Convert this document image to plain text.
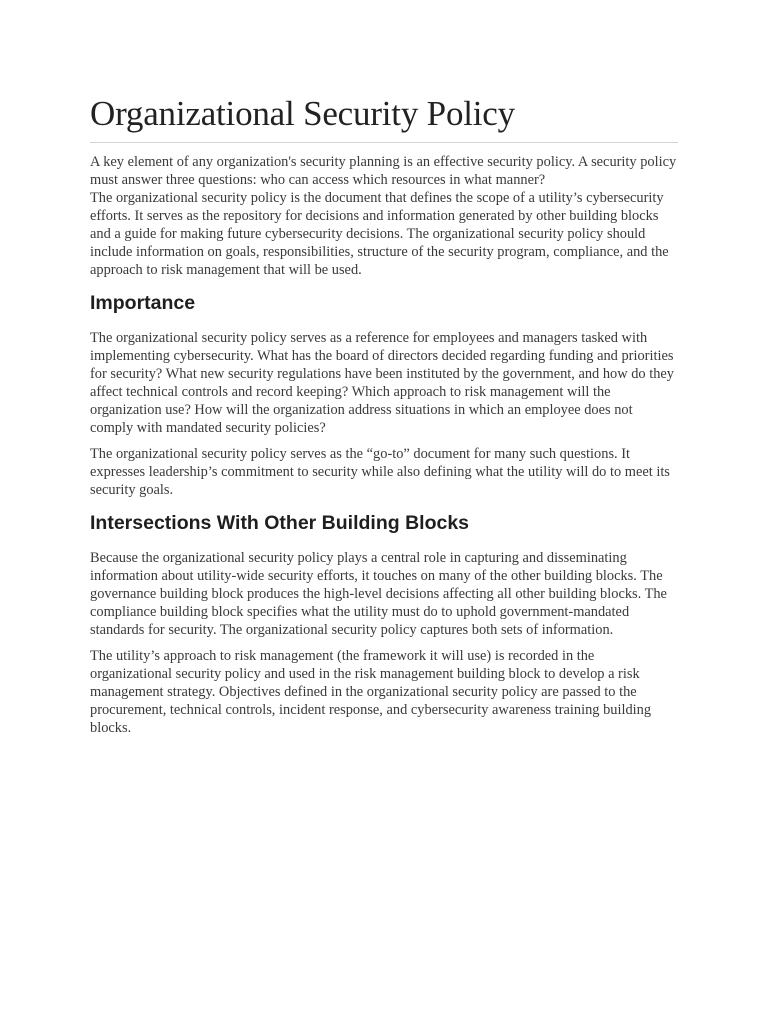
Organizational Security Policy

A key element of any organization's security planning is an effective security policy. A security policy must answer three questions: who can access which resources in what manner?

The organizational security policy is the document that defines the scope of a utility’s cybersecurity efforts. It serves as the repository for decisions and information generated by other building blocks and a guide for making future cybersecurity decisions. The organizational security policy should include information on goals, responsibilities, structure of the security program, compliance, and the approach to risk management that will be used.

Importance

The organizational security policy serves as a reference for employees and managers tasked with implementing cybersecurity. What has the board of directors decided regarding funding and priorities for security? What new security regulations have been instituted by the government, and how do they affect technical controls and record keeping? Which approach to risk management will the organization use? How will the organization address situations in which an employee does not comply with mandated security policies?

The organizational security policy serves as the “go-to” document for many such questions. It expresses leadership’s commitment to security while also defining what the utility will do to meet its security goals.

Intersections With Other Building Blocks

Because the organizational security policy plays a central role in capturing and disseminating information about utility-wide security efforts, it touches on many of the other building blocks. The governance building block produces the high-level decisions affecting all other building blocks. The compliance building block specifies what the utility must do to uphold government-mandated standards for security. The organizational security policy captures both sets of information.

The utility’s approach to risk management (the framework it will use) is recorded in the organizational security policy and used in the risk management building block to develop a risk management strategy. Objectives defined in the organizational security policy are passed to the procurement, technical controls, incident response, and cybersecurity awareness training building blocks.
